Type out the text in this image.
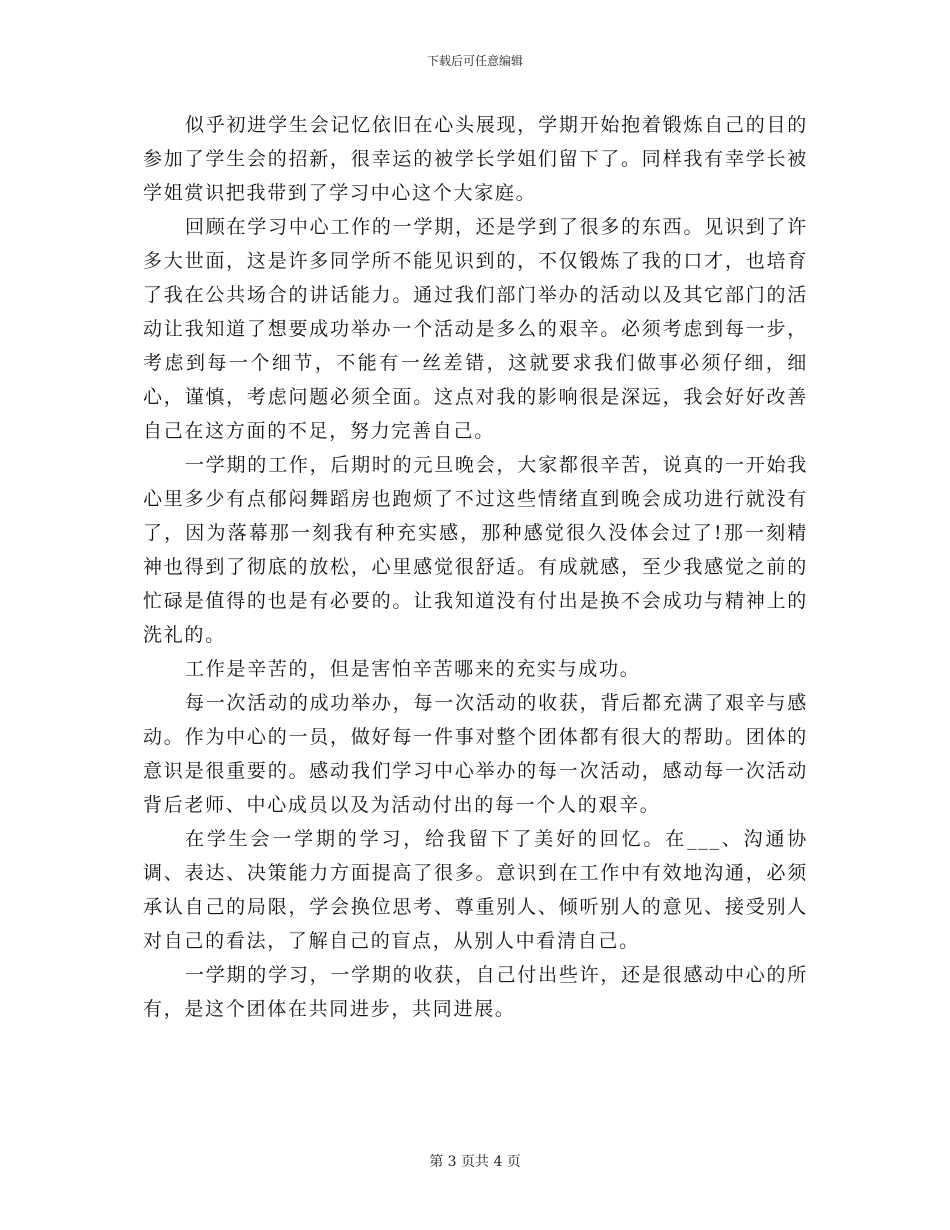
下载后可任意编辑

似乎初进学生会记忆依旧在心头展现，学期开始抱着锻炼自己的目的参加了学生会的招新，很幸运的被学长学姐们留下了。同样我有幸学长被学姐赏识把我带到了学习中心这个大家庭。

回顾在学习中心工作的一学期，还是学到了很多的东西。见识到了许多大世面，这是许多同学所不能见识到的，不仅锻炼了我的口才，也培育了我在公共场合的讲话能力。通过我们部门举办的活动以及其它部门的活动让我知道了想要成功举办一个活动是多么的艰辛。必须考虑到每一步，考虑到每一个细节，不能有一丝差错，这就要求我们做事必须仔细，细心，谨慎，考虑问题必须全面。这点对我的影响很是深远，我会好好改善自己在这方面的不足，努力完善自己。

一学期的工作，后期时的元旦晚会，大家都很辛苦，说真的一开始我心里多少有点郁闷舞蹈房也跑烦了不过这些情绪直到晚会成功进行就没有了，因为落幕那一刻我有种充实感，那种感觉很久没体会过了!那一刻精神也得到了彻底的放松，心里感觉很舒适。有成就感，至少我感觉之前的忙碌是值得的也是有必要的。让我知道没有付出是换不会成功与精神上的洗礼的。

工作是辛苦的，但是害怕辛苦哪来的充实与成功。

每一次活动的成功举办，每一次活动的收获，背后都充满了艰辛与感动。作为中心的一员，做好每一件事对整个团体都有很大的帮助。团体的意识是很重要的。感动我们学习中心举办的每一次活动，感动每一次活动背后老师、中心成员以及为活动付出的每一个人的艰辛。

在学生会一学期的学习，给我留下了美好的回忆。在___、沟通协调、表达、决策能力方面提高了很多。意识到在工作中有效地沟通，必须承认自己的局限，学会换位思考、尊重别人、倾听别人的意见、接受别人对自己的看法，了解自己的盲点，从别人中看清自己。

一学期的学习，一学期的收获，自己付出些许，还是很感动中心的所有，是这个团体在共同进步，共同进展。

第 3 页共 4 页
